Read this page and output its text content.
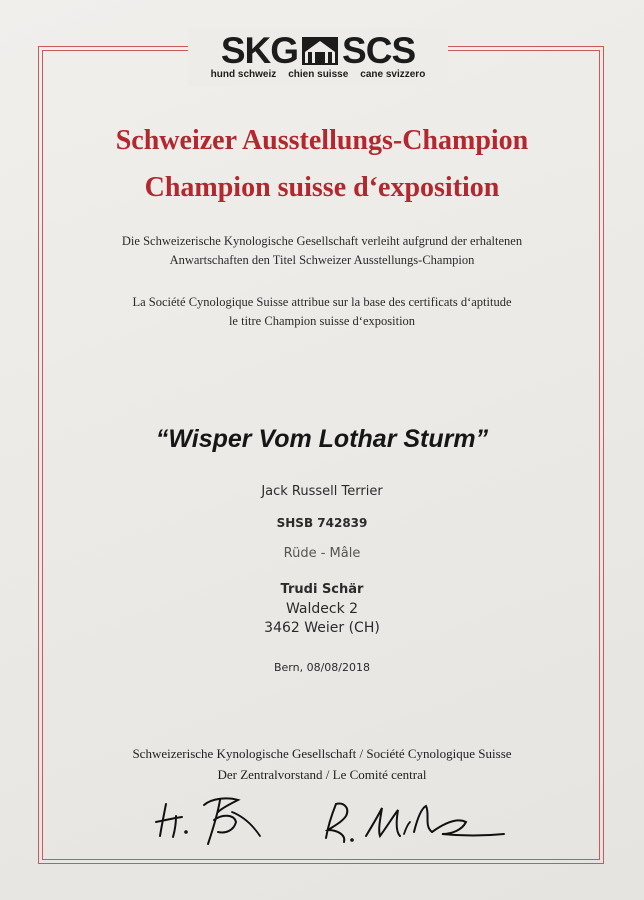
SKG SCS
hund schweiz chien suisse cane svizzero
Schweizer Ausstellungs-Champion
Champion suisse d‘exposition
Die Schweizerische Kynologische Gesellschaft verleiht aufgrund der erhaltenen
Anwartschaften den Titel Schweizer Ausstellungs-Champion
La Société Cynologique Suisse attribue sur la base des certificats d‘aptitude
le titre Champion suisse d‘exposition
“Wisper Vom Lothar Sturm”
Jack Russell Terrier
SHSB 742839
Rüde - Mâle
Trudi Schär
Waldeck 2
3462 Weier (CH)
Bern, 08/08/2018
Schweizerische Kynologische Gesellschaft / Société Cynologique Suisse
Der Zentralvorstand / Le Comité central
